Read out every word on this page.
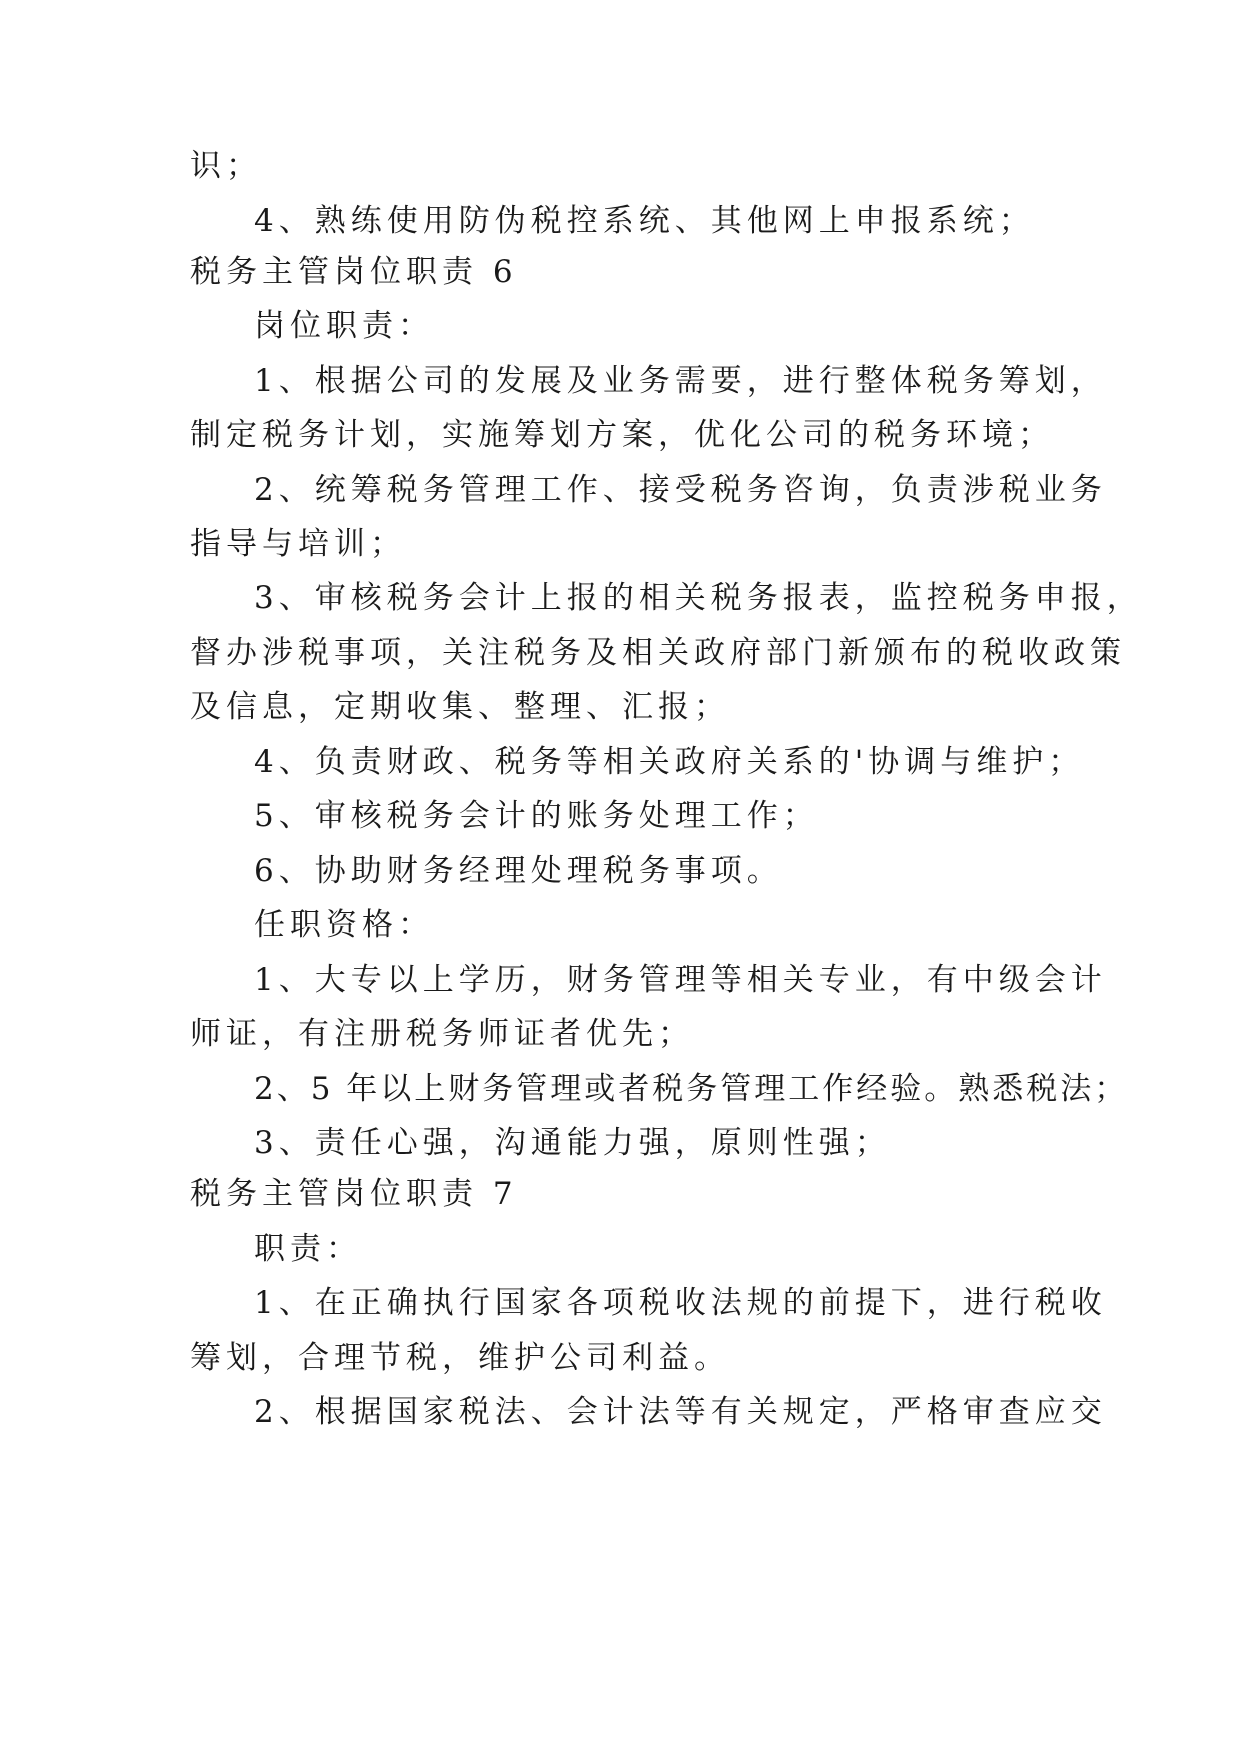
识；

4、熟练使用防伪税控系统、其他网上申报系统；

税务主管岗位职责 6

岗位职责：

1、根据公司的发展及业务需要，进行整体税务筹划，

制定税务计划，实施筹划方案，优化公司的税务环境；

2、统筹税务管理工作、接受税务咨询，负责涉税业务

指导与培训；

3、审核税务会计上报的相关税务报表，监控税务申报，

督办涉税事项，关注税务及相关政府部门新颁布的税收政策

及信息，定期收集、整理、汇报；

4、负责财政、税务等相关政府关系的'协调与维护；

5、审核税务会计的账务处理工作；

6、协助财务经理处理税务事项。

任职资格：

1、大专以上学历，财务管理等相关专业，有中级会计

师证，有注册税务师证者优先；

2、5 年以上财务管理或者税务管理工作经验。熟悉税法；

3、责任心强，沟通能力强，原则性强；

税务主管岗位职责 7

职责：

1、在正确执行国家各项税收法规的前提下，进行税收

筹划，合理节税，维护公司利益。

2、根据国家税法、会计法等有关规定，严格审查应交
